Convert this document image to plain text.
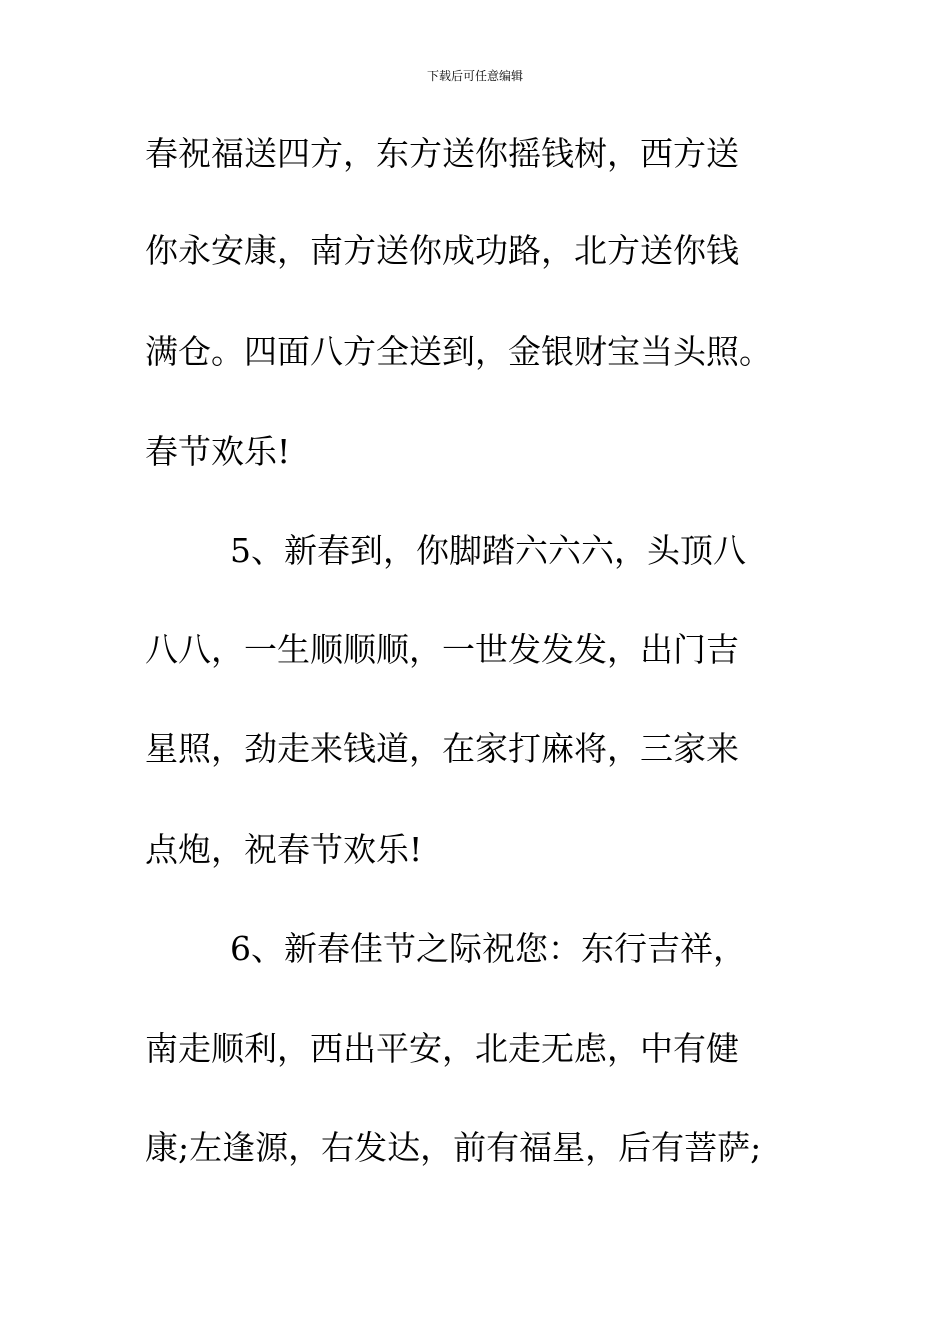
下载后可任意编辑
春祝福送四方，东方送你摇钱树，西方送
你永安康，南方送你成功路，北方送你钱
满仓。四面八方全送到，金银财宝当头照。
春节欢乐!
5、新春到，你脚踏六六六，头顶八
八八，一生顺顺顺，一世发发发，出门吉
星照，劲走来钱道，在家打麻将，三家来
点炮，祝春节欢乐!
6、新春佳节之际祝您：东行吉祥，
南走顺利，西出平安，北走无虑，中有健
康;左逢源，右发达，前有福星，后有菩萨;
